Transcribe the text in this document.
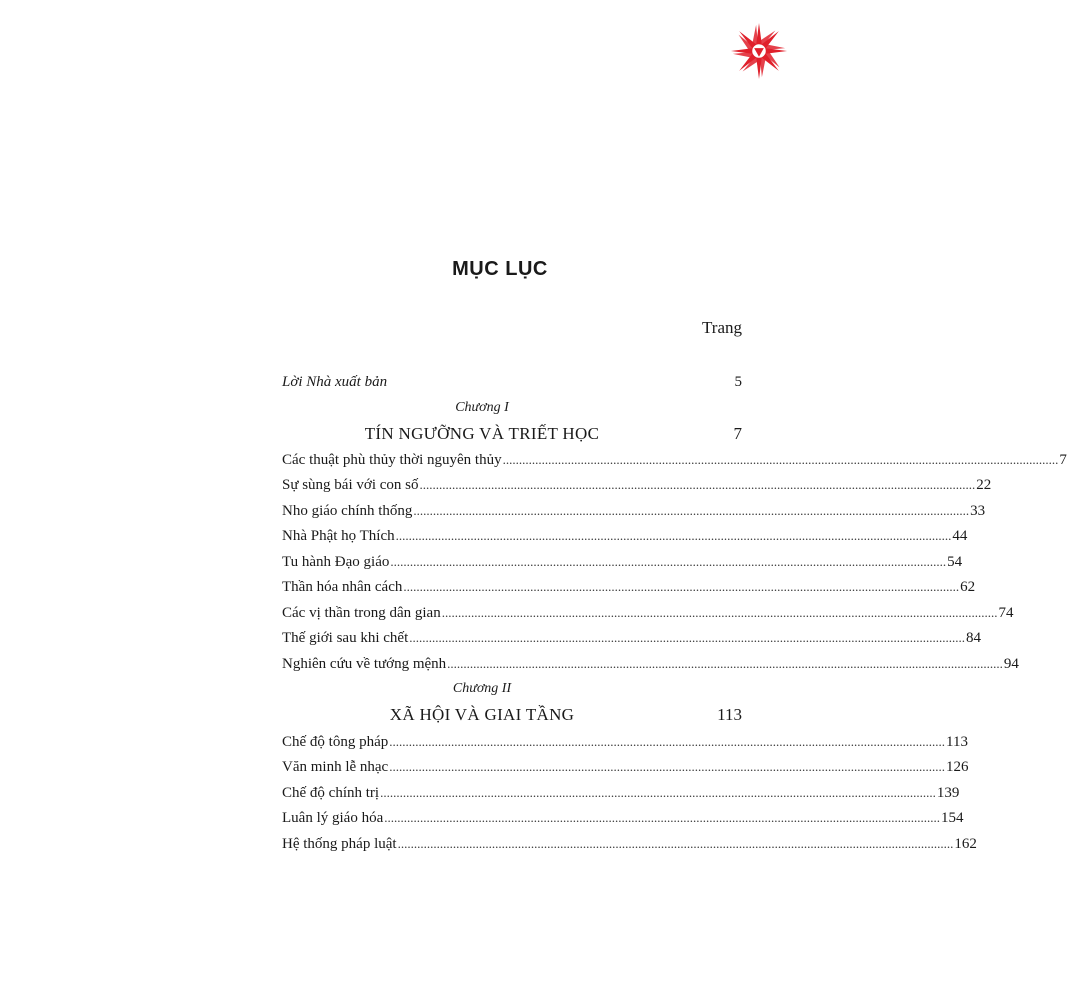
MỤC LỤC
Trang
Lời Nhà xuất bản	5
Chương I
TÍN NGƯỠNG VÀ TRIẾT HỌC	7
Các thuật phù thủy thời nguyên thủy ........................................................................................................................................................................... 7
Sự sùng bái với con số ........................................................................................................................................................................... 22
Nho giáo chính thống ........................................................................................................................................................................... 33
Nhà Phật họ Thích ........................................................................................................................................................................... 44
Tu hành Đạo giáo ........................................................................................................................................................................... 54
Thần hóa nhân cách ........................................................................................................................................................................... 62
Các vị thần trong dân gian ........................................................................................................................................................................... 74
Thế giới sau khi chết ........................................................................................................................................................................... 84
Nghiên cứu về tướng mệnh ........................................................................................................................................................................... 94
Chương II
XÃ HỘI VÀ GIAI TẦNG	113
Chế độ tông pháp ........................................................................................................................................................................... 113
Văn minh lễ nhạc ........................................................................................................................................................................... 126
Chế độ chính trị ........................................................................................................................................................................... 139
Luân lý giáo hóa ........................................................................................................................................................................... 154
Hệ thống pháp luật ........................................................................................................................................................................... 162
